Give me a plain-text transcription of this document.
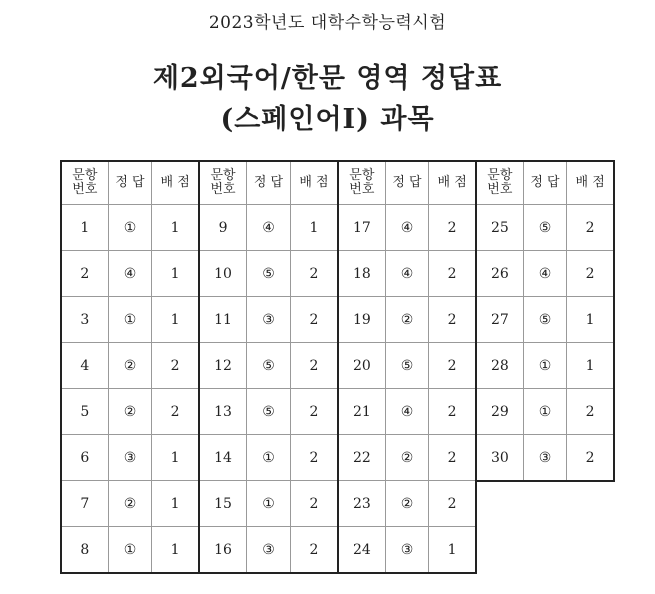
2023학년도 대학수학능력시험
제2외국어/한문 영역 정답표
(스페인어Ⅰ) 과목
문항
번호	정 답	배 점
1	①	1
2	④	1
3	①	1
4	②	2
5	②	2
6	③	1
7	②	1
8	①	1
문항
번호	정 답	배 점
9	④	1
10	⑤	2
11	③	2
12	⑤	2
13	⑤	2
14	①	2
15	①	2
16	③	2
문항
번호	정 답	배 점
17	④	2
18	④	2
19	②	2
20	⑤	2
21	④	2
22	②	2
23	②	2
24	③	1
문항
번호	정 답	배 점
25	⑤	2
26	④	2
27	⑤	1
28	①	1
29	①	2
30	③	2
